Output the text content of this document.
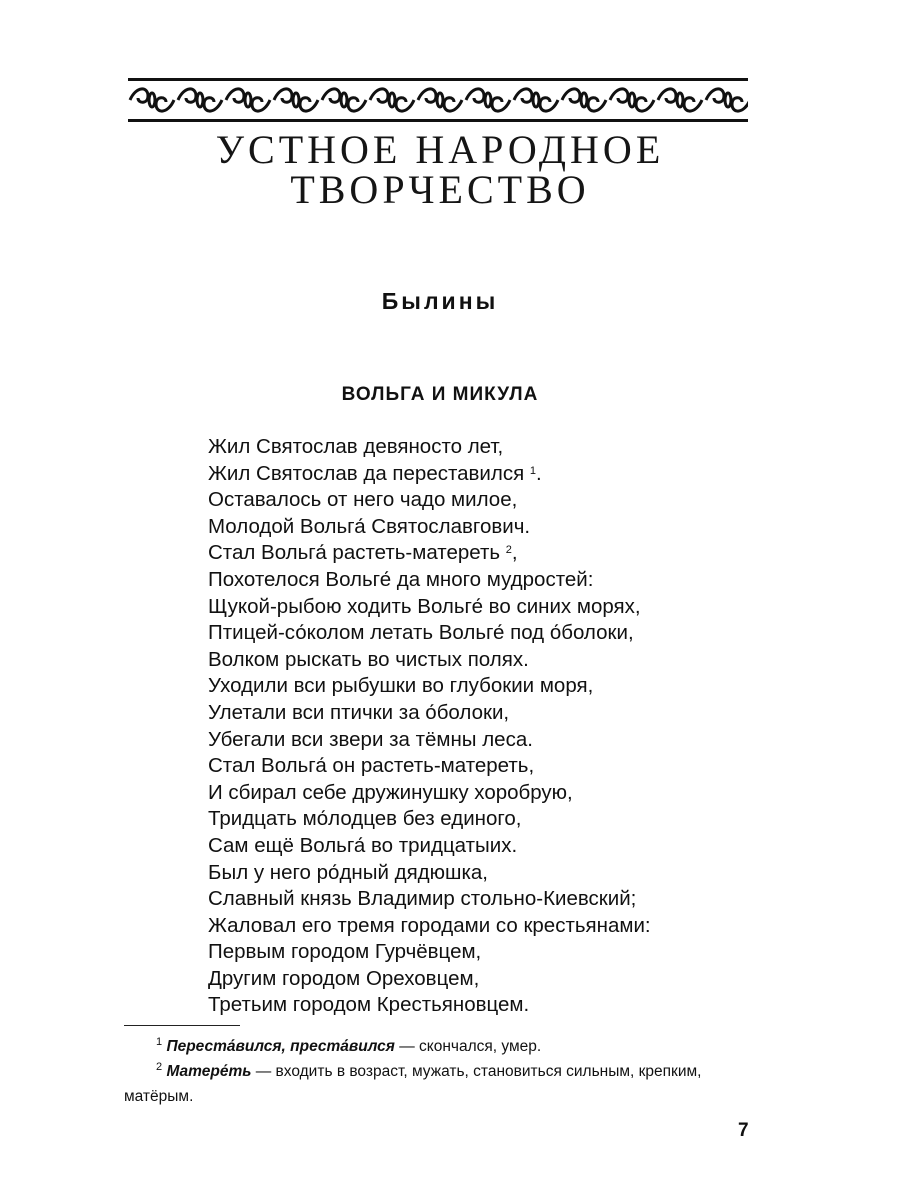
УСТНОЕ НАРОДНОЕ
ТВОРЧЕСТВО
Былины
ВОЛЬГА И МИКУЛА
Жил Святослав девяносто лет,
Жил Святослав да переставился $^1$.
Оставалось от него чадо милое,
Молодой Вольга́ Святославгович.
Стал Вольга́ растеть-матереть $^2$,
Похотелося Вольге́ да много мудростей:
Щукой-рыбою ходить Вольге́ во синих морях,
Птицей-со́колом летать Вольге́ под о́болоки,
Волком рыскать во чистых полях.
Уходили вси рыбушки во глубокии моря,
Улетали вси птички за о́болоки,
Убегали вси звери за тёмны леса.
Стал Вольга́ он растеть-матереть,
И сбирал себе дружинушку хоробрую,
Тридцать мо́лодцев без единого,
Сам ещё Вольга́ во тридцатыих.
Был у него ро́дный дядюшка,
Славный князь Владимир стольно-Киевский;
Жаловал его тремя городами со крестьянами:
Первым городом Гурчёвцем,
Другим городом Ореховцем,
Третьим городом Крестьяновцем.
$^1$ Переста́вился, преста́вился — скончался, умер.
$^2$ Матере́ть — входить в возраст, мужать, становиться сильным, крепким, матёрым.
7
